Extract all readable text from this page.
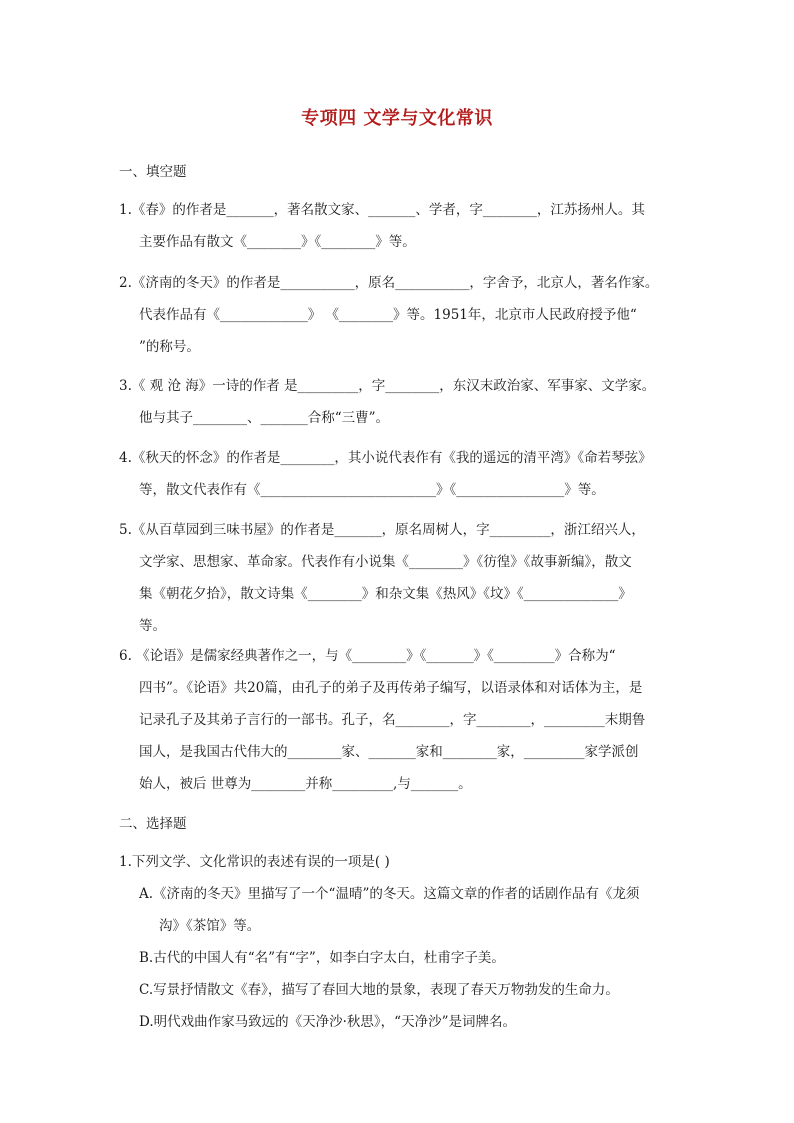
专项四 文学与文化常识
一、填空题
1.《春》的作者是_______，著名散文家、_______、学者，字________，江苏扬州人。其
主要作品有散文《________》《________》等。
2.《济南的冬天》的作者是___________，原名___________，字舍予，北京人，著名作家。
代表作品有《_____________》 《________》等。1951年，北京市人民政府授予他“
”的称号。
3.《 观 沧 海》一诗的作者 是_________，字________，东汉末政治家、军事家、文学家。
他与其子________、_______合称“三曹”。
4.《秋天的怀念》的作者是________，其小说代表作有《我的遥远的清平湾》《命若琴弦》
等，散文代表作有《__________________________》《________________》等。
5.《从百草园到三味书屋》的作者是_______，原名周树人，字_________，浙江绍兴人，
文学家、思想家、革命家。代表作有小说集《________》《彷徨》《故事新编》，散文
集《朝花夕拾》，散文诗集《________》和杂文集《热风》《坟》《______________》
等。
6. 《论语》是儒家经典著作之一，与《________》《_______》《_________》合称为“
四书”。《论语》共20篇，由孔子的弟子及再传弟子编写，以语录体和对话体为主，是
记录孔子及其弟子言行的一部书。孔子，名________，字________，_________末期鲁
国人，是我国古代伟大的________家、_______家和________家，_________家学派创
始人，被后 世尊为________并称_________,与_______。
二、选择题
1.下列文学、文化常识的表述有误的一项是( )
A.《济南的冬天》里描写了一个“温晴”的冬天。这篇文章的作者的话剧作品有《龙须
沟》《茶馆》等。
B.古代的中国人有“名”有“字”，如李白字太白，杜甫字子美。
C.写景抒情散文《春》，描写了春回大地的景象，表现了春天万物勃发的生命力。
D.明代戏曲作家马致远的《天净沙·秋思》，“天净沙”是词牌名。
